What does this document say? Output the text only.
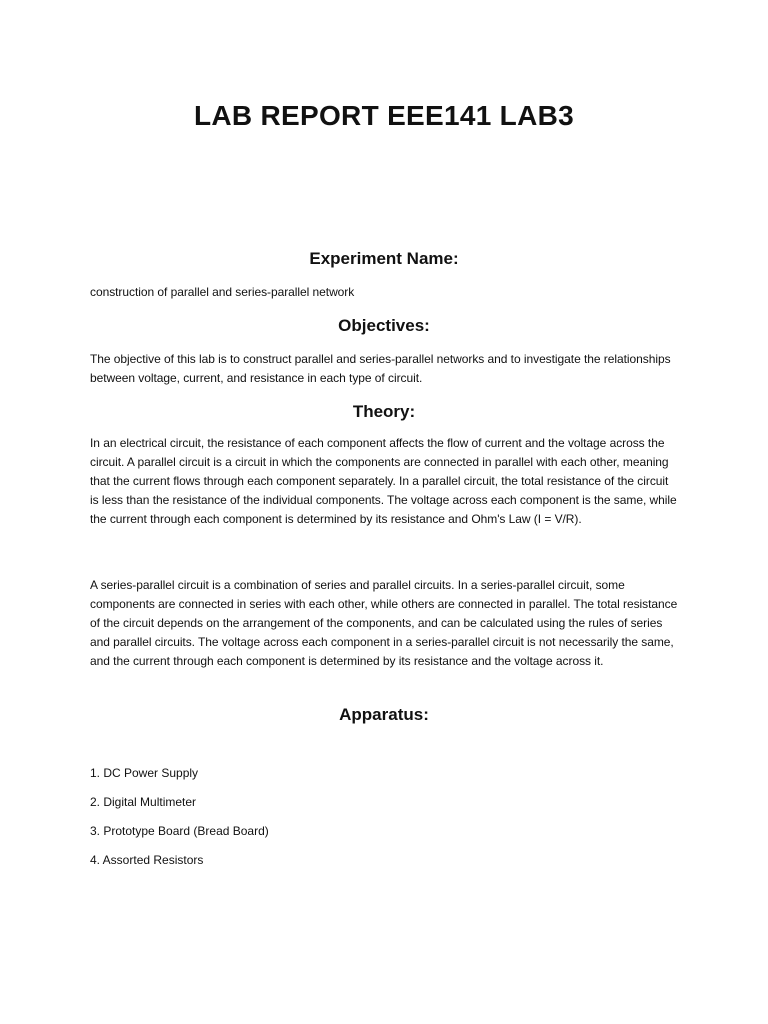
LAB REPORT EEE141 LAB3
Experiment Name:

construction of parallel and series-parallel network

Objectives:

The objective of this lab is to construct parallel and series-parallel networks and to investigate the relationships between voltage, current, and resistance in each type of circuit.

Theory:

In an electrical circuit, the resistance of each component affects the flow of current and the voltage across the circuit. A parallel circuit is a circuit in which the components are connected in parallel with each other, meaning that the current flows through each component separately. In a parallel circuit, the total resistance of the circuit is less than the resistance of the individual components. The voltage across each component is the same, while the current through each component is determined by its resistance and Ohm's Law (I = V/R).

A series-parallel circuit is a combination of series and parallel circuits. In a series-parallel circuit, some components are connected in series with each other, while others are connected in parallel. The total resistance of the circuit depends on the arrangement of the components, and can be calculated using the rules of series and parallel circuits. The voltage across each component in a series-parallel circuit is not necessarily the same, and the current through each component is determined by its resistance and the voltage across it.

Apparatus:

1. DC Power Supply

2. Digital Multimeter

3. Prototype Board (Bread Board)

4. Assorted Resistors
